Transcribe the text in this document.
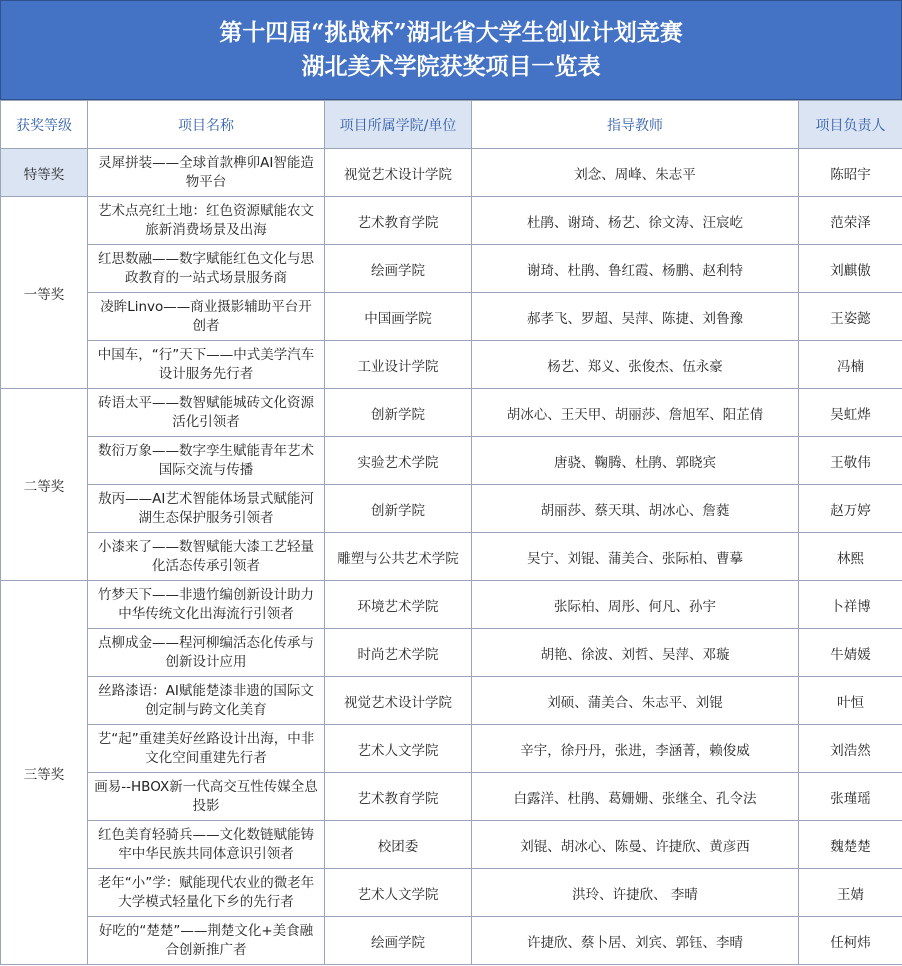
第十四届“挑战杯”湖北省大学生创业计划竞赛
湖北美术学院获奖项目一览表
获奖等级	项目名称	项目所属学院/单位	指导教师	项目负责人
特等奖	灵犀拼装——全球首款榫卯AI智能造物平台	视觉艺术设计学院	刘念、周峰、朱志平	陈昭宇
一等奖	艺术点亮红土地：红色资源赋能农文旅新消费场景及出海	艺术教育学院	杜鹃、谢琦、杨艺、徐文涛、汪宸屹	范荣泽
	红思数融——数字赋能红色文化与思政教育的一站式场景服务商	绘画学院	谢琦、杜鹃、鲁红霞、杨鹏、赵利特	刘麒傲
	凌眸Linvo——商业摄影辅助平台开创者	中国画学院	郝孝飞、罗超、吴萍、陈捷、刘鲁豫	王姿懿
	中国车，“行”天下——中式美学汽车设计服务先行者	工业设计学院	杨艺、郑义、张俊杰、伍永豪	冯楠
二等奖	砖语太平——数智赋能城砖文化资源活化引领者	创新学院	胡冰心、王天甲、胡丽莎、詹旭军、阳芷倩	吴虹烨
	数衍万象——数字孪生赋能青年艺术国际交流与传播	实验艺术学院	唐骁、鞠腾、杜鹃、郭晓宾	王敬伟
	敖丙——AI艺术智能体场景式赋能河湖生态保护服务引领者	创新学院	胡丽莎、蔡天琪、胡冰心、詹蕤	赵万婷
	小漆来了——数智赋能大漆工艺轻量化活态传承引领者	雕塑与公共艺术学院	吴宁、刘锟、蒲美合、张际柏、曹摹	林熙
三等奖	竹梦天下——非遗竹编创新设计助力中华传统文化出海流行引领者	环境艺术学院	张际柏、周彤、何凡、孙宇	卜祥博
	点柳成金——程河柳编活态化传承与创新设计应用	时尚艺术学院	胡艳、徐波、刘哲、吴萍、邓璇	牛婧媛
	丝路漆语：AI赋能楚漆非遗的国际文创定制与跨文化美育	视觉艺术设计学院	刘硕、蒲美合、朱志平、刘锟	叶恒
	艺“起”重建美好丝路设计出海，中非文化空间重建先行者	艺术人文学院	辛宇，徐丹丹，张进，李涵菁，赖俊威	刘浩然
	画易--HBOX新一代高交互性传媒全息投影	艺术教育学院	白露洋、杜鹃、葛姗姗、张继全、孔令法	张瑾瑶
	红色美育轻骑兵——文化数链赋能铸牢中华民族共同体意识引领者	校团委	刘锟、胡冰心、陈曼、许捷欣、黄彦西	魏楚楚
	老年“小”学：赋能现代农业的微老年大学模式轻量化下乡的先行者	艺术人文学院	洪玲、许捷欣、 李晴	王婧
	好吃的“楚楚”——荆楚文化+美食融合创新推广者	绘画学院	许捷欣、蔡卜居、刘宾、郭钰、李晴	任柯炜
